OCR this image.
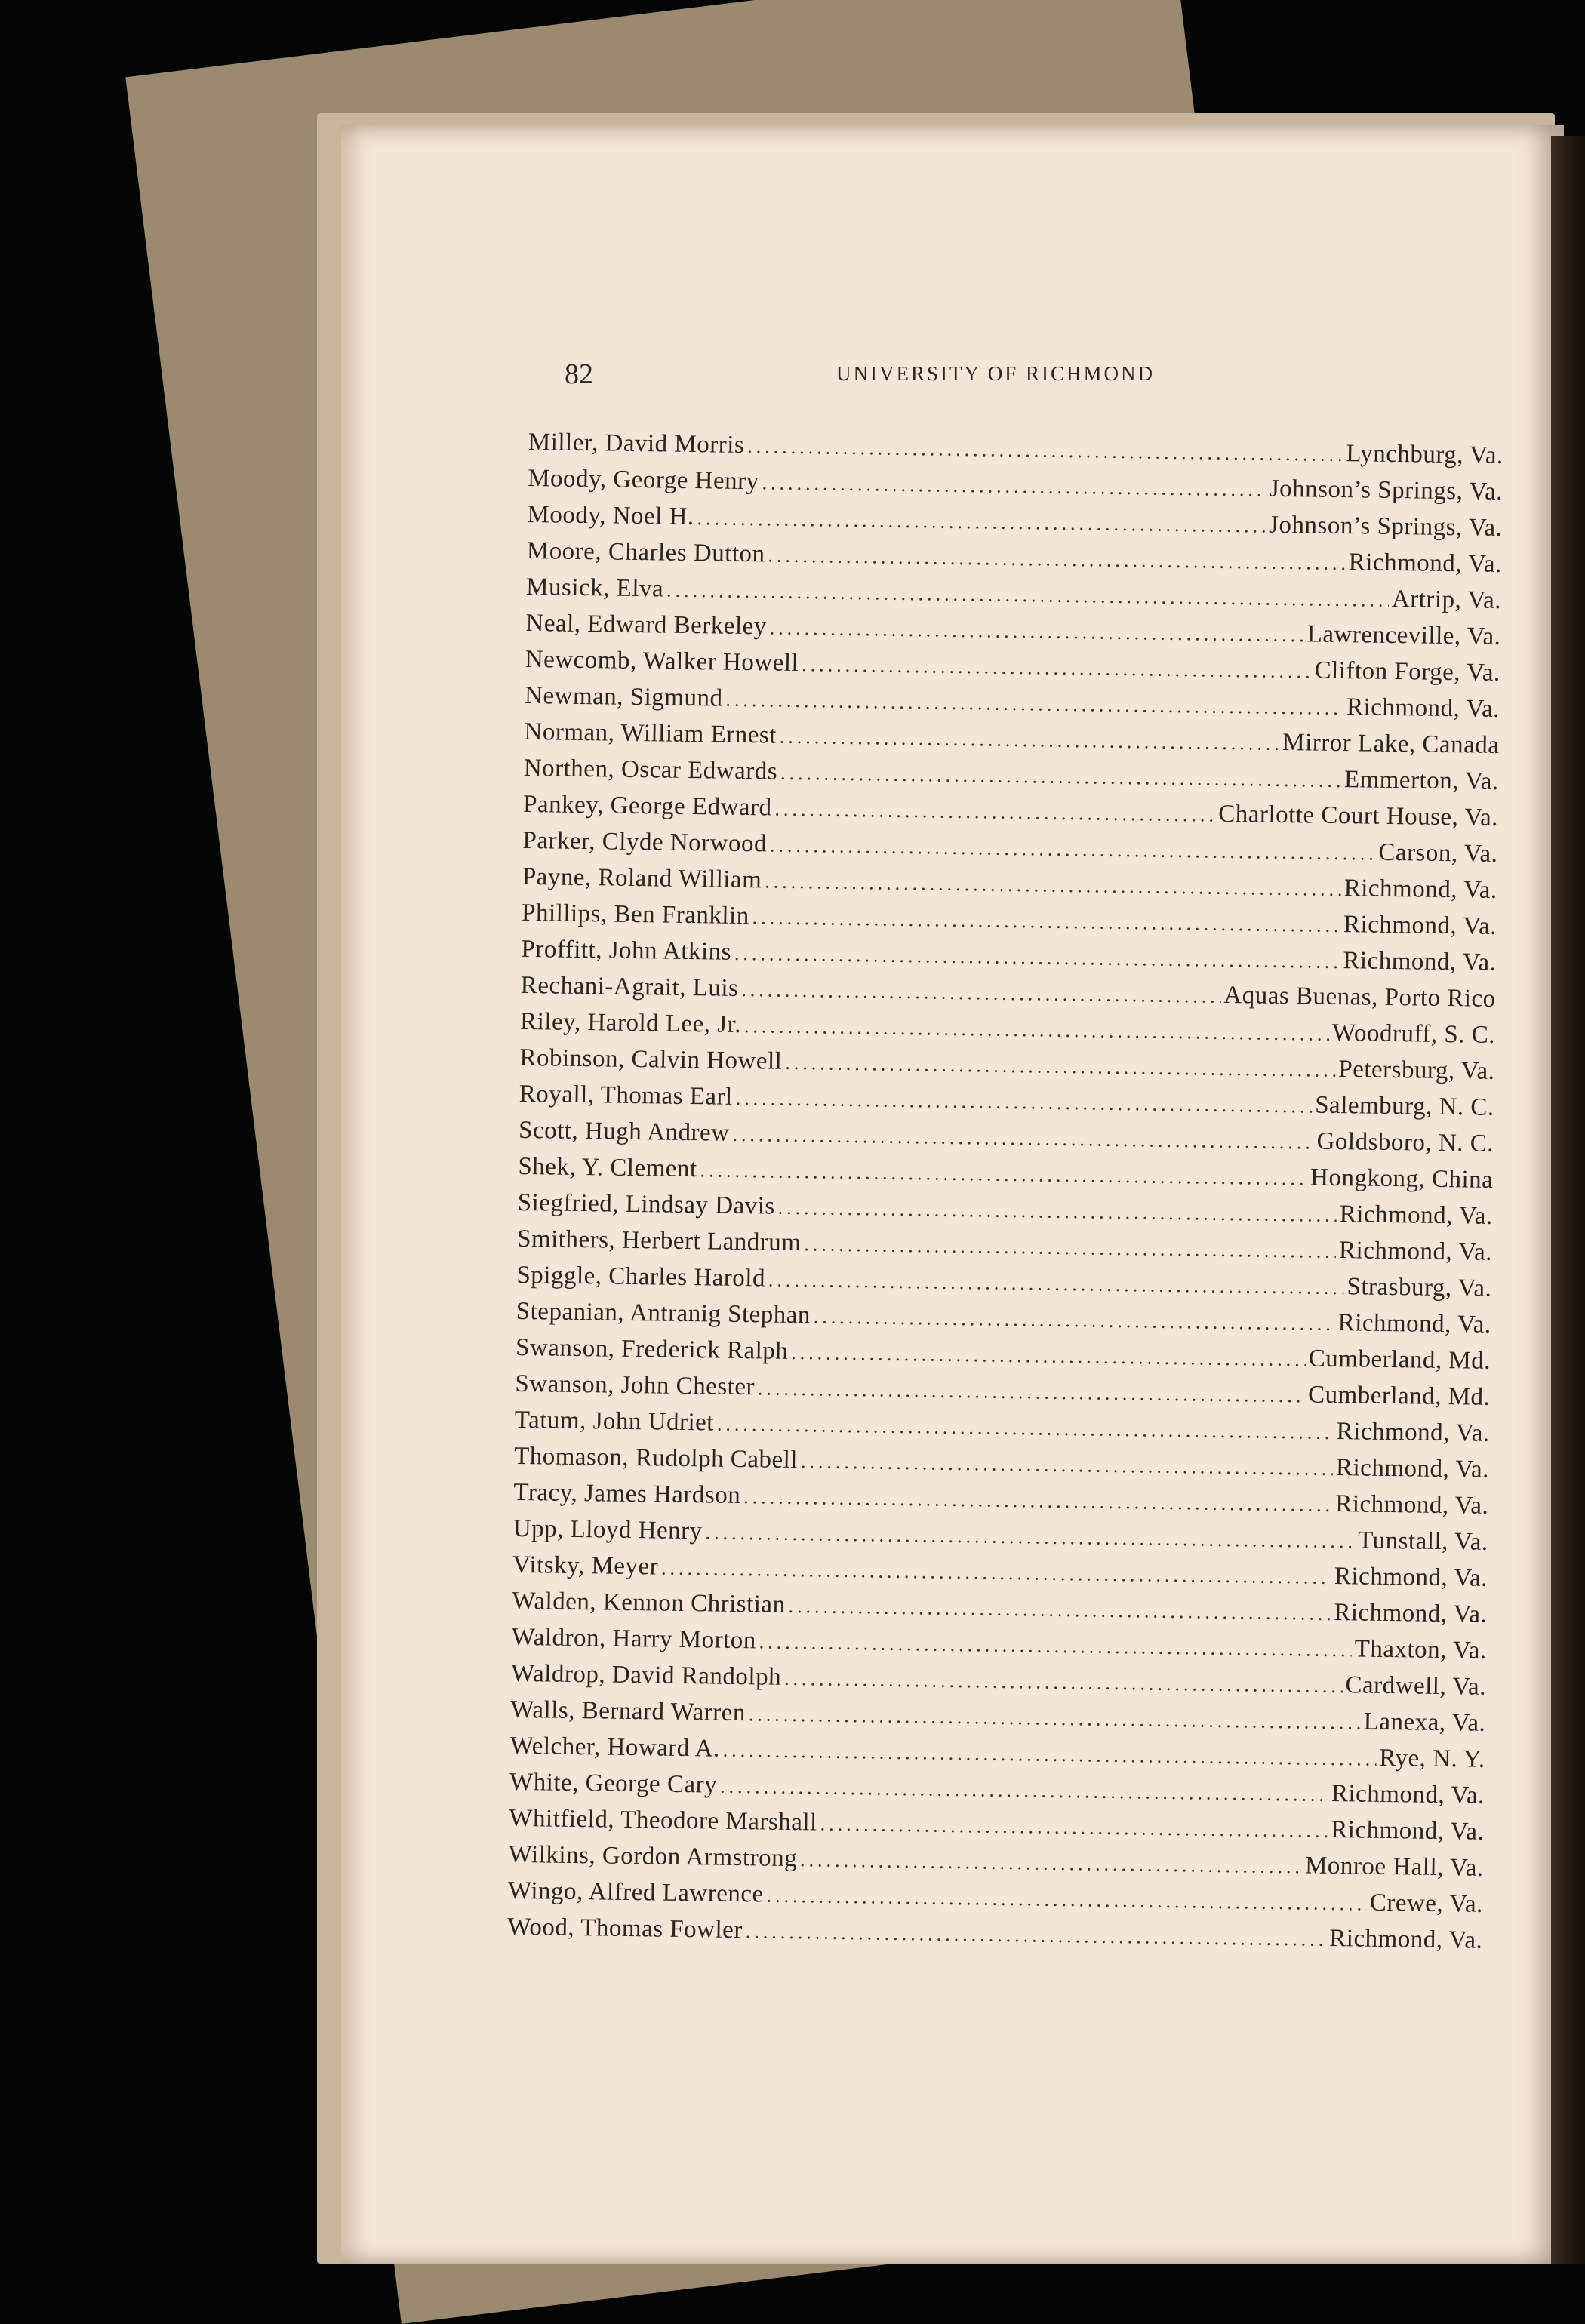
82	UNIVERSITY OF RICHMOND
Miller, David Morris .....	Lynchburg, Va.
Moody, George Henry .....	Johnson’s Springs, Va.
Moody, Noel H. .....	Johnson’s Springs, Va.
Moore, Charles Dutton .....	Richmond, Va.
Musick, Elva .....	Artrip, Va.
Neal, Edward Berkeley .....	Lawrenceville, Va.
Newcomb, Walker Howell .....	Clifton Forge, Va.
Newman, Sigmund .....	Richmond, Va.
Norman, William Ernest .....	Mirror Lake, Canada
Northen, Oscar Edwards .....	Emmerton, Va.
Pankey, George Edward .....	Charlotte Court House, Va.
Parker, Clyde Norwood .....	Carson, Va.
Payne, Roland William .....	Richmond, Va.
Phillips, Ben Franklin .....	Richmond, Va.
Proffitt, John Atkins .....	Richmond, Va.
Rechani-Agrait, Luis .....	Aquas Buenas, Porto Rico
Riley, Harold Lee, Jr. .....	Woodruff, S. C.
Robinson, Calvin Howell .....	Petersburg, Va.
Royall, Thomas Earl .....	Salemburg, N. C.
Scott, Hugh Andrew .....	Goldsboro, N. C.
Shek, Y. Clement .....	Hongkong, China
Siegfried, Lindsay Davis .....	Richmond, Va.
Smithers, Herbert Landrum .....	Richmond, Va.
Spiggle, Charles Harold .....	Strasburg, Va.
Stepanian, Antranig Stephan .....	Richmond, Va.
Swanson, Frederick Ralph .....	Cumberland, Md.
Swanson, John Chester .....	Cumberland, Md.
Tatum, John Udriet .....	Richmond, Va.
Thomason, Rudolph Cabell .....	Richmond, Va.
Tracy, James Hardson .....	Richmond, Va.
Upp, Lloyd Henry .....	Tunstall, Va.
Vitsky, Meyer .....	Richmond, Va.
Walden, Kennon Christian .....	Richmond, Va.
Waldron, Harry Morton .....	Thaxton, Va.
Waldrop, David Randolph .....	Cardwell, Va.
Walls, Bernard Warren .....	Lanexa, Va.
Welcher, Howard A. .....	Rye, N. Y.
White, George Cary .....	Richmond, Va.
Whitfield, Theodore Marshall .....	Richmond, Va.
Wilkins, Gordon Armstrong .....	Monroe Hall, Va.
Wingo, Alfred Lawrence .....	Crewe, Va.
Wood, Thomas Fowler .....	Richmond, Va.
